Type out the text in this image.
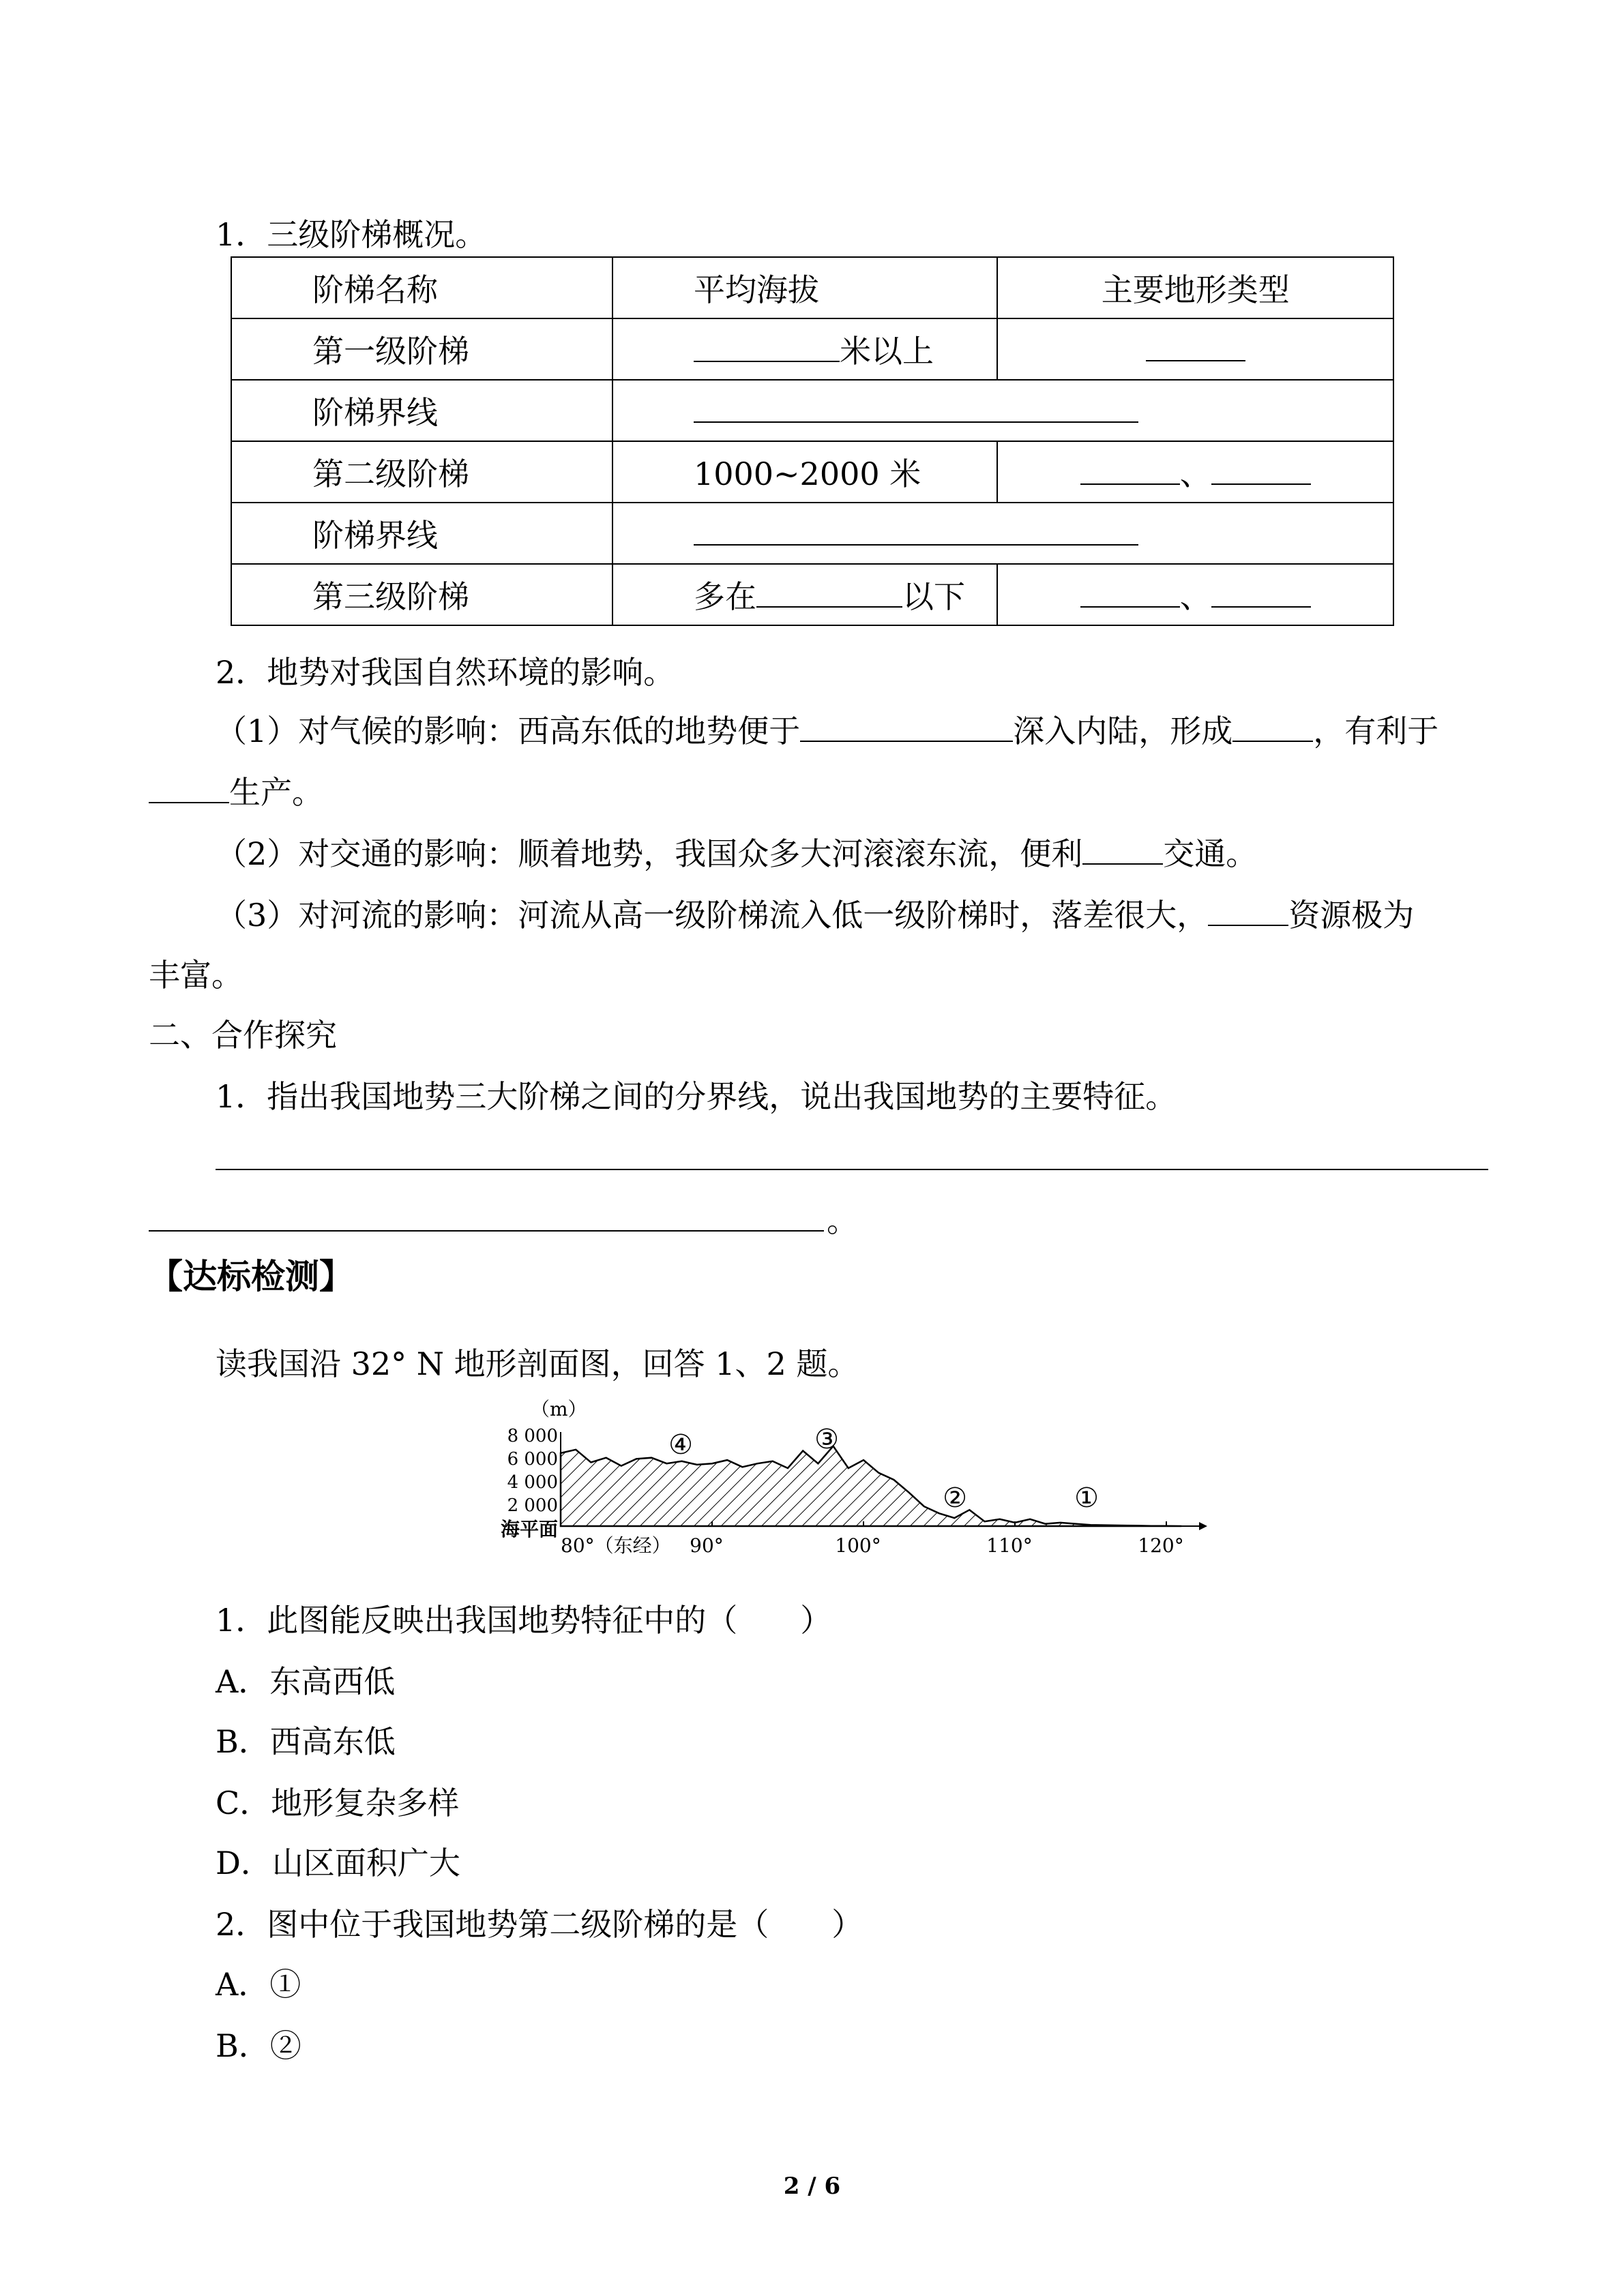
1．三级阶梯概况。
阶梯名称	平均海拔	主要地形类型
第一级阶梯	米以上	
阶梯界线		
第二级阶梯	1000~2000 米	、
阶梯界线		
第三级阶梯	多在 以下	、
2．地势对我国自然环境的影响。
（1）对气候的影响：西高东低的地势便于	深入内陆，形成	，有利于
生产。
（2）对交通的影响：顺着地势，我国众多大河滚滚东流，便利	交通。
（3）对河流的影响：河流从高一级阶梯流入低一级阶梯时，落差很大，	资源极为
丰富。
二、合作探究
1．指出我国地势三大阶梯之间的分界线，说出我国地势的主要特征。
。
【达标检测】
读我国沿 32° N 地形剖面图，回答 1、2 题。
（m）
8 000
6 000
4 000
2 000
海平面
80°（东经） 90°	100°	110°	120°
④	③
②	①
1．此图能反映出我国地势特征中的（　　）
A．东高西低
B．西高东低
C．地形复杂多样
D．山区面积广大
2．图中位于我国地势第二级阶梯的是（　　）
A．①
B．②
2 / 6
